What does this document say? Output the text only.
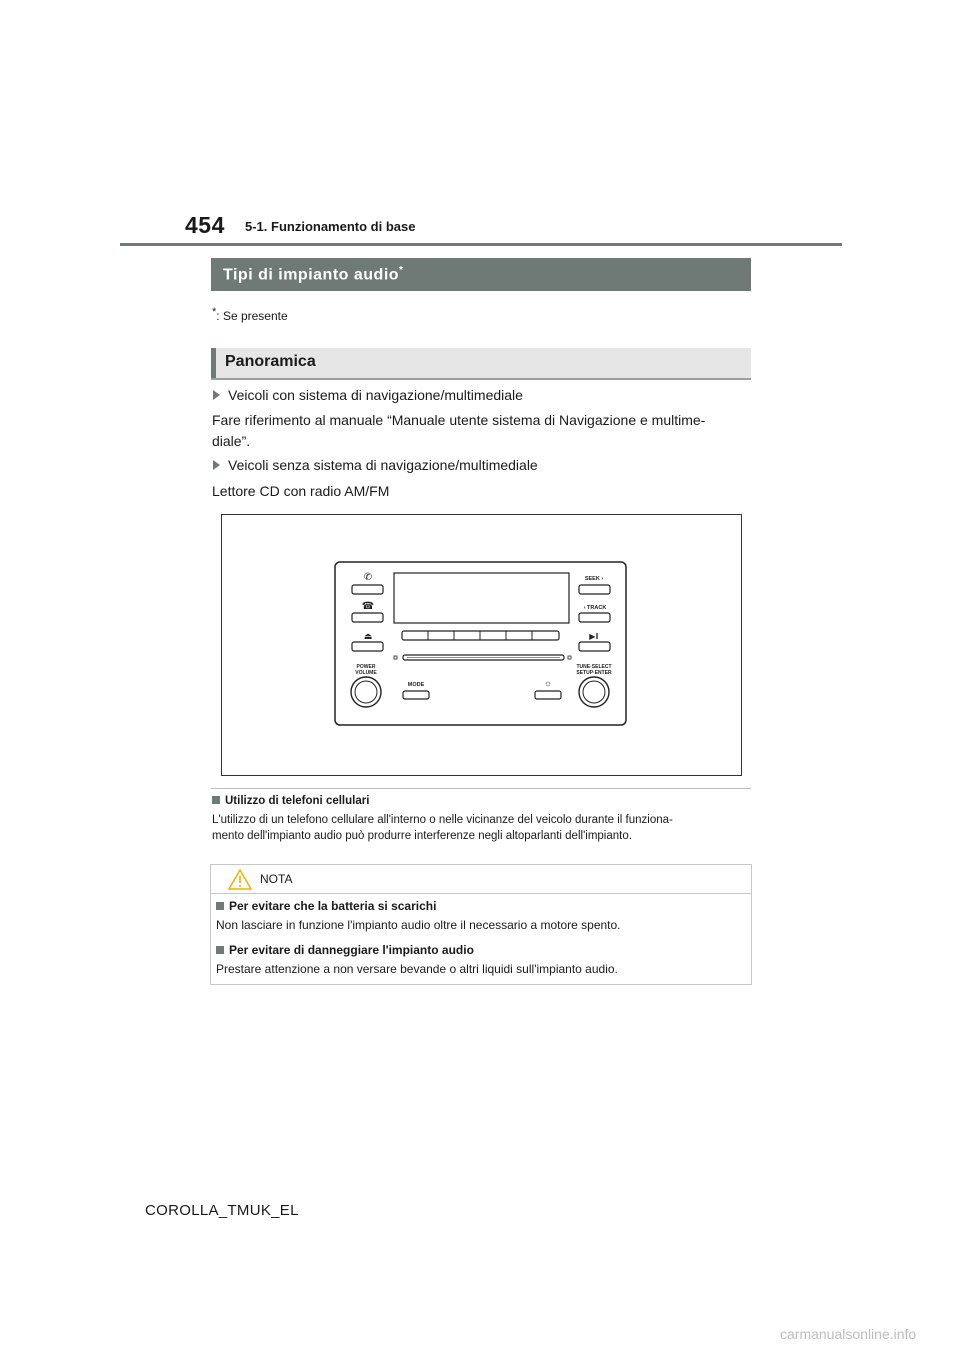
454 5-1. Funzionamento di base
Tipi di impianto audio*
*: Se presente
Panoramica
Veicoli con sistema di navigazione/multimediale
Fare riferimento al manuale “Manuale utente sistema di Navigazione e multime-
diale”.
Veicoli senza sistema di navigazione/multimediale
Lettore CD con radio AM/FM
✆
☎
⏏
SEEK ›
‹ TRACK
▶‖
POWER
VOLUME
TUNE·SELECT
SETUP·ENTER
MODE	☼
Utilizzo di telefoni cellulari
L'utilizzo di un telefono cellulare all'interno o nelle vicinanze del veicolo durante il funziona-
mento dell'impianto audio può produrre interferenze negli altoparlanti dell'impianto.
NOTA
Per evitare che la batteria si scarichi
Non lasciare in funzione l'impianto audio oltre il necessario a motore spento.
Per evitare di danneggiare l'impianto audio
Prestare attenzione a non versare bevande o altri liquidi sull'impianto audio.
COROLLA_TMUK_EL
carmanualsonline.info
